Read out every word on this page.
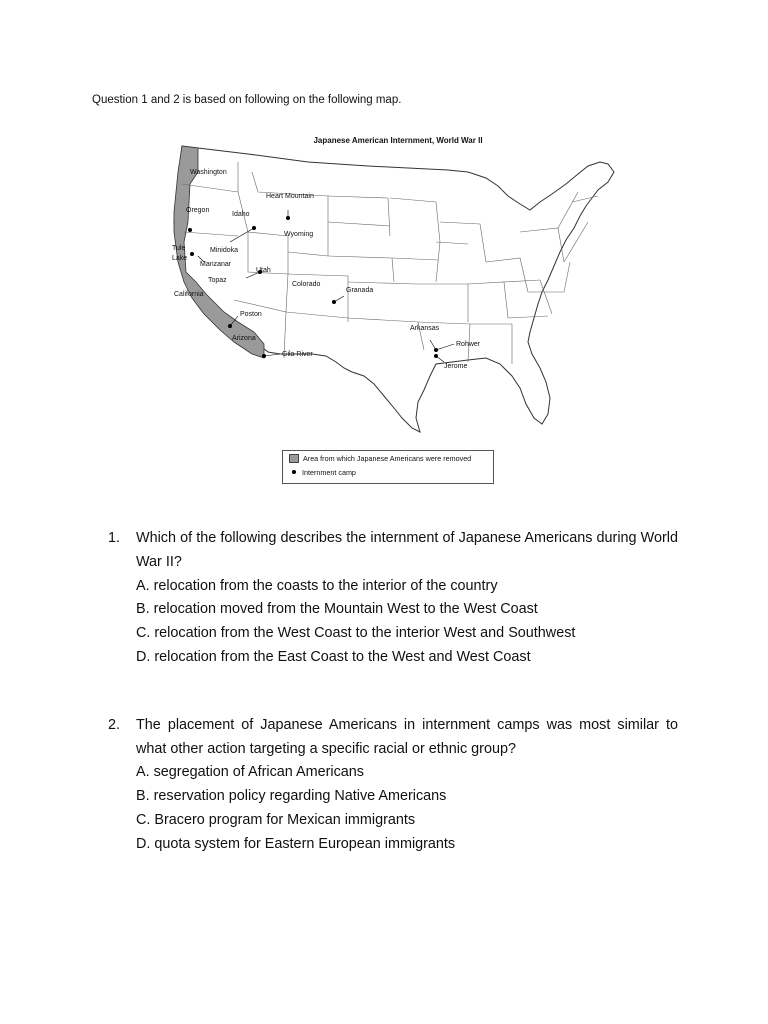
Question 1 and 2 is based on following on the following map.
Washington
Oregon
Idaho
Heart Mountain
Wyoming
Tule
Lake
Minidoka
Manzanar
Utah
Topaz
California
Colorado
Granada
Poston
Arizona
Gila River
Arkansas
Rohwer
Jerome
Japanese American Internment, World War II
Area from which Japanese Americans were removed
Internment camp
1.	Which of the following describes the internment of Japanese Americans during World War II?
A. relocation from the coasts to the interior of the country
B. relocation moved from the Mountain West to the West Coast
C. relocation from the West Coast to the interior West and Southwest
D. relocation from the East Coast to the West and West Coast
2.	The placement of Japanese Americans in internment camps was most similar to what other action targeting a specific racial or ethnic group?
A. segregation of African Americans
B. reservation policy regarding Native Americans
C. Bracero program for Mexican immigrants
D. quota system for Eastern European immigrants
